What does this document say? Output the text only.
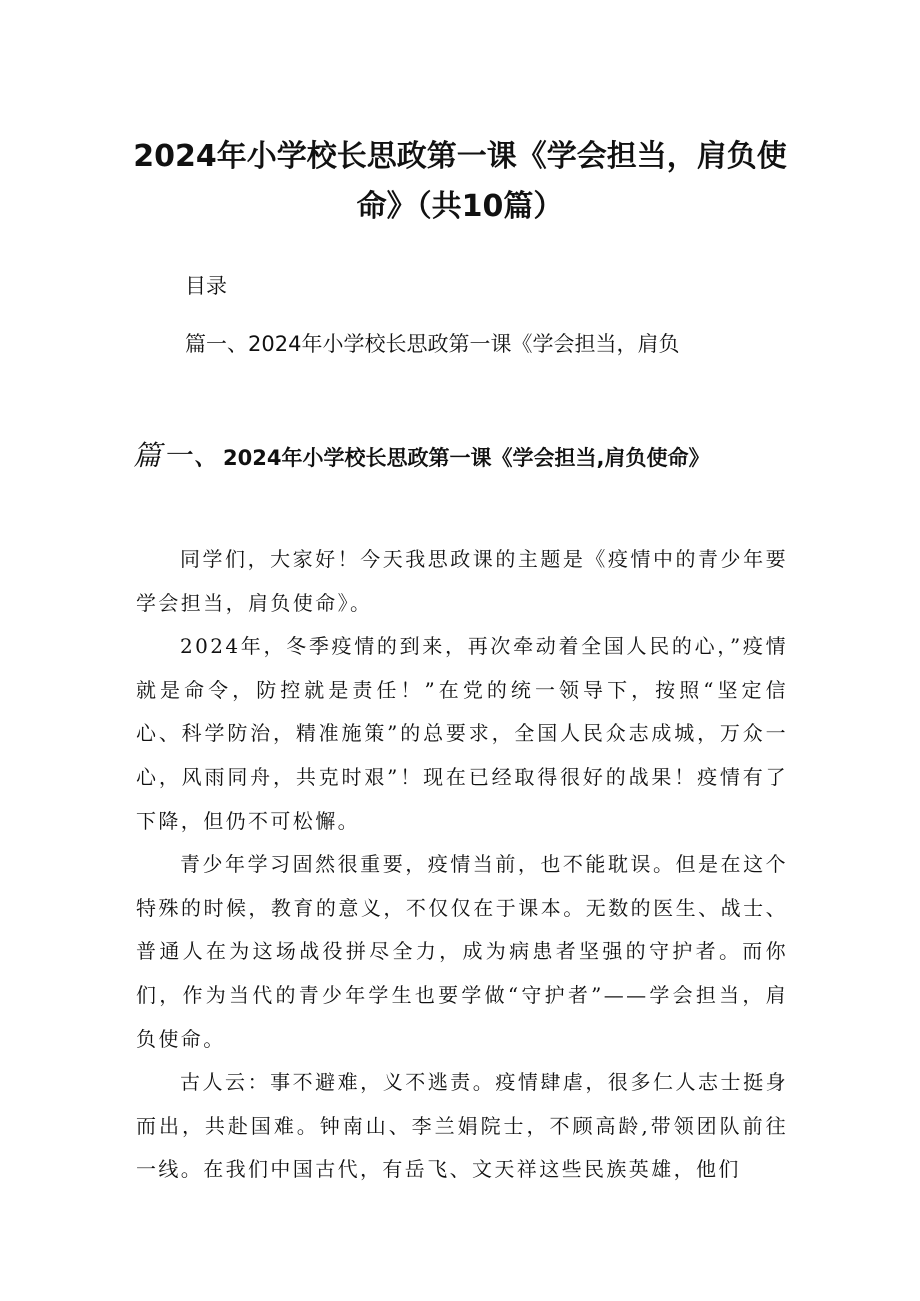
2024年小学校长思政第一课《学会担当，肩负使命》（共10篇）
目录
篇一、2024年小学校长思政第一课《学会担当，肩负
篇一、2024年小学校长思政第一课《学会担当,肩负使命》

同学们，大家好！今天我思政课的主题是《疫情中的青少年要学会担当，肩负使命》。

2024年，冬季疫情的到来，再次牵动着全国人民的心，”疫情就是命令，防控就是责任！”在党的统一领导下，按照“坚定信心、科学防治，精准施策”的总要求，全国人民众志成城，万众一心，风雨同舟，共克时艰”！现在已经取得很好的战果！疫情有了下降，但仍不可松懈。

青少年学习固然很重要，疫情当前，也不能耽误。但是在这个特殊的时候，教育的意义，不仅仅在于课本。无数的医生、战士、普通人在为这场战役拼尽全力，成为病患者坚强的守护者。而你们，作为当代的青少年学生也要学做“守护者”——学会担当，肩负使命。

古人云：事不避难，义不逃责。疫情肆虐，很多仁人志士挺身而出，共赴国难。钟南山、李兰娟院士，不顾高龄,带领团队前往一线。在我们中国古代，有岳飞、文天祥这些民族英雄，他们
